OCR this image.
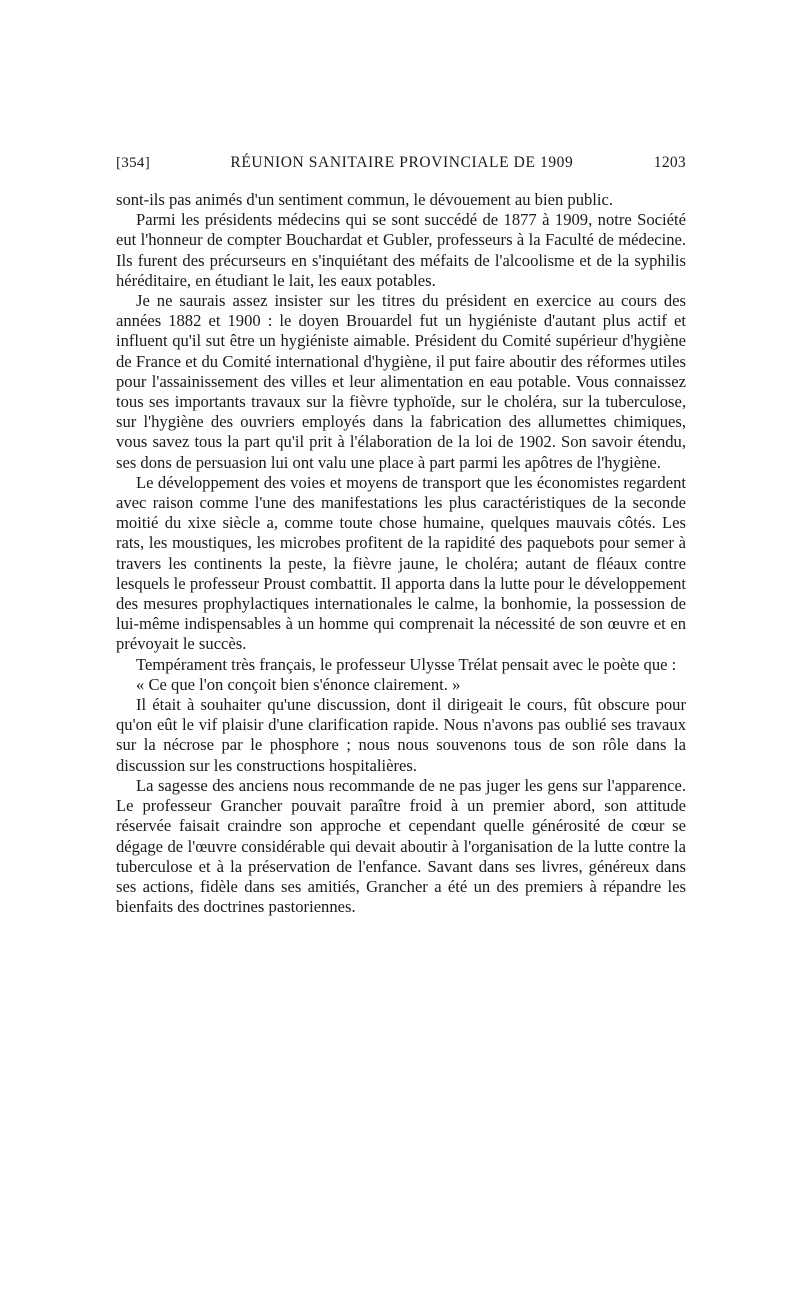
[354]	RÉUNION SANITAIRE PROVINCIALE DE 1909	1203

sont-ils pas animés d'un sentiment commun, le dévouement au bien public.

Parmi les présidents médecins qui se sont succédé de 1877 à 1909, notre Société eut l'honneur de compter Bouchardat et Gubler, professeurs à la Faculté de médecine. Ils furent des précurseurs en s'inquiétant des méfaits de l'alcoolisme et de la syphilis héréditaire, en étudiant le lait, les eaux potables.

Je ne saurais assez insister sur les titres du président en exercice au cours des années 1882 et 1900 : le doyen Brouardel fut un hygiéniste d'autant plus actif et influent qu'il sut être un hygiéniste aimable. Président du Comité supérieur d'hygiène de France et du Comité international d'hygiène, il put faire aboutir des réformes utiles pour l'assainissement des villes et leur alimentation en eau potable. Vous connaissez tous ses importants travaux sur la fièvre typhoïde, sur le choléra, sur la tuberculose, sur l'hygiène des ouvriers employés dans la fabrication des allumettes chimiques, vous savez tous la part qu'il prit à l'élaboration de la loi de 1902. Son savoir étendu, ses dons de persuasion lui ont valu une place à part parmi les apôtres de l'hygiène.

Le développement des voies et moyens de transport que les économistes regardent avec raison comme l'une des manifestations les plus caractéristiques de la seconde moitié du xixe siècle a, comme toute chose humaine, quelques mauvais côtés. Les rats, les moustiques, les microbes profitent de la rapidité des paquebots pour semer à travers les continents la peste, la fièvre jaune, le choléra; autant de fléaux contre lesquels le professeur Proust combattit. Il apporta dans la lutte pour le développement des mesures prophylactiques internationales le calme, la bonhomie, la possession de lui-même indispensables à un homme qui comprenait la nécessité de son œuvre et en prévoyait le succès.

Tempérament très français, le professeur Ulysse Trélat pensait avec le poète que :

« Ce que l'on conçoit bien s'énonce clairement. »

Il était à souhaiter qu'une discussion, dont il dirigeait le cours, fût obscure pour qu'on eût le vif plaisir d'une clarification rapide. Nous n'avons pas oublié ses travaux sur la nécrose par le phosphore ; nous nous souvenons tous de son rôle dans la discussion sur les constructions hospitalières.

La sagesse des anciens nous recommande de ne pas juger les gens sur l'apparence. Le professeur Grancher pouvait paraître froid à un premier abord, son attitude réservée faisait craindre son approche et cependant quelle générosité de cœur se dégage de l'œuvre considérable qui devait aboutir à l'organisation de la lutte contre la tuberculose et à la préservation de l'enfance. Savant dans ses livres, généreux dans ses actions, fidèle dans ses amitiés, Grancher a été un des premiers à répandre les bienfaits des doctrines pastoriennes.
